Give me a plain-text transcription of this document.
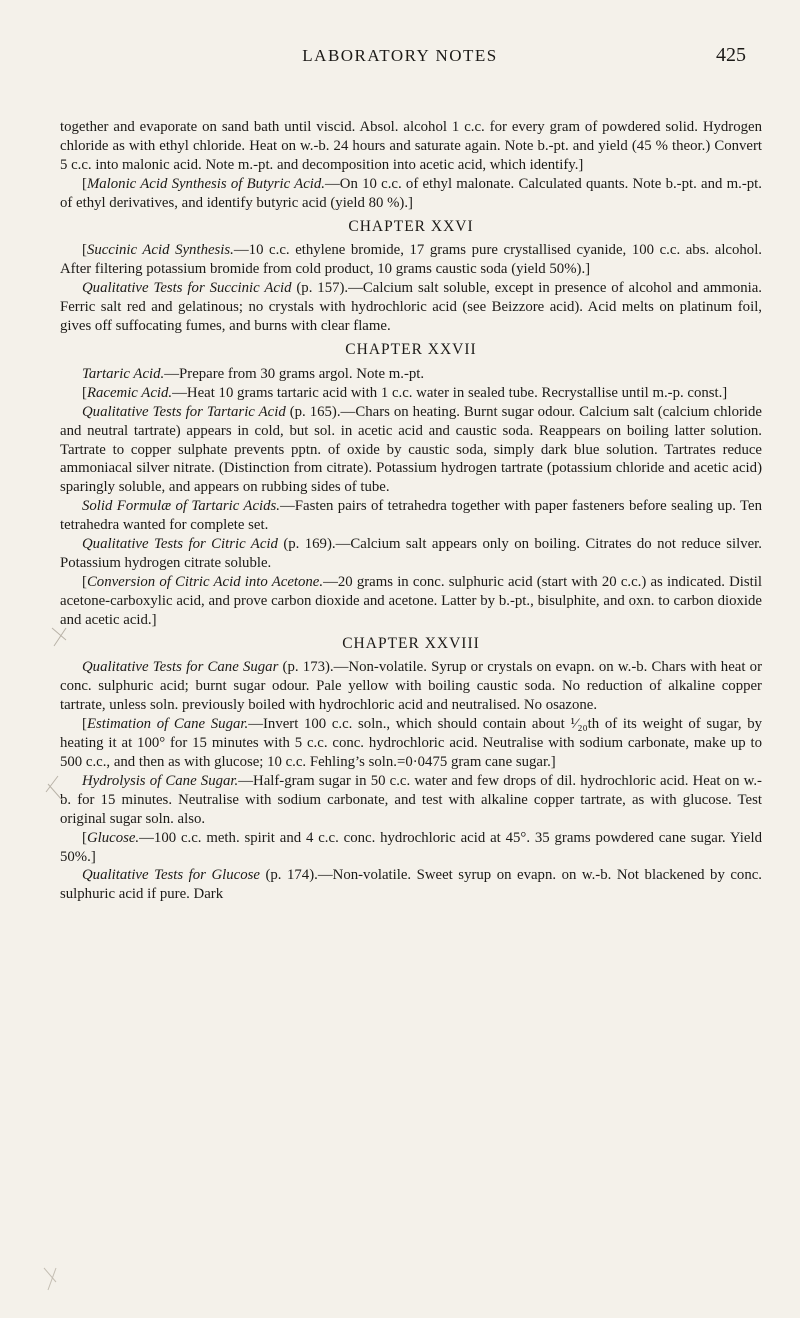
LABORATORY NOTES	425

together and evaporate on sand bath until viscid. Absol. alcohol 1 c.c. for every gram of powdered solid. Hydrogen chloride as with ethyl chloride. Heat on w.-b. 24 hours and saturate again. Note b.-pt. and yield (45 % theor.) Convert 5 c.c. into malonic acid. Note m.-pt. and decomposition into acetic acid, which identify.]

[Malonic Acid Synthesis of Butyric Acid.—On 10 c.c. of ethyl malonate. Calculated quants. Note b.-pt. and m.-pt. of ethyl derivatives, and identify butyric acid (yield 80 %).]

CHAPTER XXVI

[Succinic Acid Synthesis.—10 c.c. ethylene bromide, 17 grams pure crystallised cyanide, 100 c.c. abs. alcohol. After filtering potassium bromide from cold product, 10 grams caustic soda (yield 50%).]

Qualitative Tests for Succinic Acid (p. 157).—Calcium salt soluble, except in presence of alcohol and ammonia. Ferric salt red and gelatinous; no crystals with hydrochloric acid (see Beizzore acid). Acid melts on platinum foil, gives off suffocating fumes, and burns with clear flame.

CHAPTER XXVII

Tartaric Acid.—Prepare from 30 grams argol. Note m.-pt.

[Racemic Acid.—Heat 10 grams tartaric acid with 1 c.c. water in sealed tube. Recrystallise until m.-p. const.]

Qualitative Tests for Tartaric Acid (p. 165).—Chars on heating. Burnt sugar odour. Calcium salt (calcium chloride and neutral tartrate) appears in cold, but sol. in acetic acid and caustic soda. Reappears on boiling latter solution. Tartrate to copper sulphate prevents pptn. of oxide by caustic soda, simply dark blue solution. Tartrates reduce ammoniacal silver nitrate. (Distinction from citrate). Potassium hydrogen tartrate (potassium chloride and acetic acid) sparingly soluble, and appears on rubbing sides of tube.

Solid Formulæ of Tartaric Acids.—Fasten pairs of tetrahedra together with paper fasteners before sealing up. Ten tetrahedra wanted for complete set.

Qualitative Tests for Citric Acid (p. 169).—Calcium salt appears only on boiling. Citrates do not reduce silver. Potassium hydrogen citrate soluble.

[Conversion of Citric Acid into Acetone.—20 grams in conc. sulphuric acid (start with 20 c.c.) as indicated. Distil acetone-carboxylic acid, and prove carbon dioxide and acetone. Latter by b.-pt., bisulphite, and oxn. to carbon dioxide and acetic acid.]

CHAPTER XXVIII

Qualitative Tests for Cane Sugar (p. 173).—Non-volatile. Syrup or crystals on evapn. on w.-b. Chars with heat or conc. sulphuric acid; burnt sugar odour. Pale yellow with boiling caustic soda. No reduction of alkaline copper tartrate, unless soln. previously boiled with hydrochloric acid and neutralised. No osazone.

[Estimation of Cane Sugar.—Invert 100 c.c. soln., which should contain about ¹⁄₂₀th of its weight of sugar, by heating it at 100° for 15 minutes with 5 c.c. conc. hydrochloric acid. Neutralise with sodium carbonate, make up to 500 c.c., and then as with glucose; 10 c.c. Fehling’s soln.=0·0475 gram cane sugar.]

Hydrolysis of Cane Sugar.—Half-gram sugar in 50 c.c. water and few drops of dil. hydrochloric acid. Heat on w.-b. for 15 minutes. Neutralise with sodium carbonate, and test with alkaline copper tartrate, as with glucose. Test original sugar soln. also.

[Glucose.—100 c.c. meth. spirit and 4 c.c. conc. hydrochloric acid at 45°. 35 grams powdered cane sugar. Yield 50%.]

Qualitative Tests for Glucose (p. 174).—Non-volatile. Sweet syrup on evapn. on w.-b. Not blackened by conc. sulphuric acid if pure. Dark
